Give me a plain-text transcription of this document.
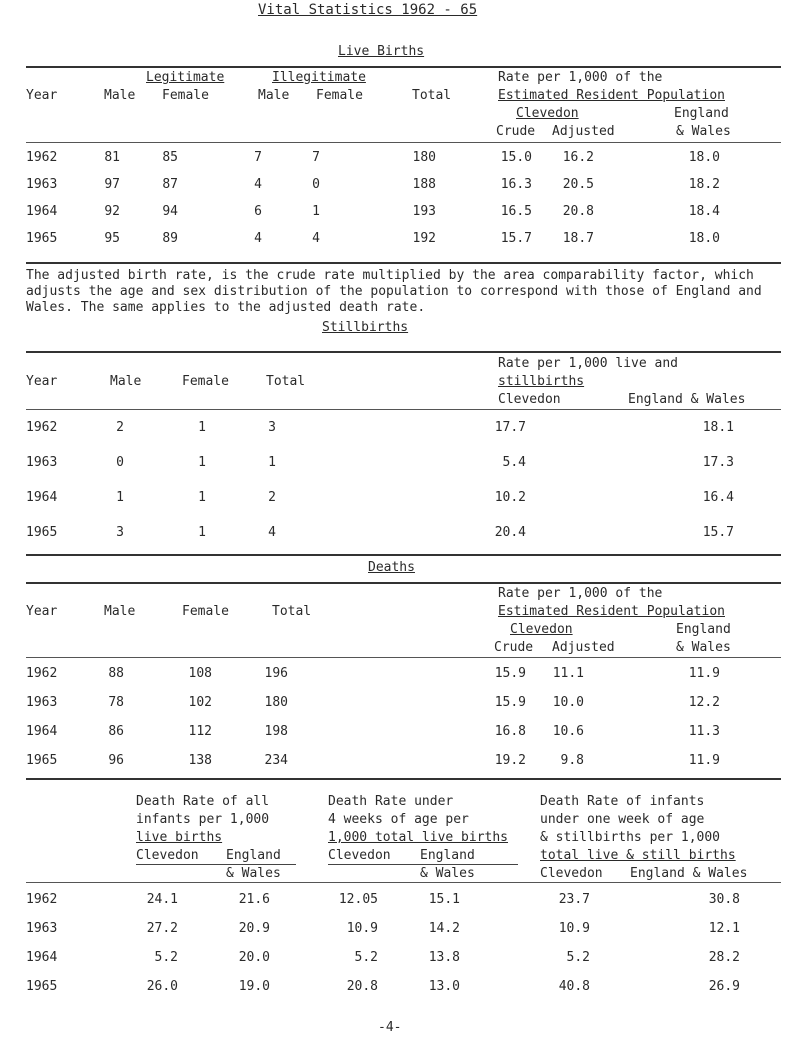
Vital Statistics 1962 - 65
Live Births
Legitimate	Illegitimate	Rate per 1,000 of the
Year	Male Female	Male Female	Total	Estimated Resident Population
Clevedon	England
Crude Adjusted	& Wales
1962	81	85	7	7	180	15.0	16.2	18.0
1963	97	87	4	0	188	16.3	20.5	18.2
1964	92	94	6	1	193	16.5	20.8	18.4
1965	95	89	4	4	192	15.7	18.7	18.0
The adjusted birth rate, is the crude rate multiplied by the area comparability factor, which adjusts the age and sex distribution of the population to correspond with those of England and Wales. The same applies to the adjusted death rate.
Stillbirths
Rate per 1,000 live and
Year	Male	Female	Total	stillbirths
Clevedon	England & Wales
1962	2	1	3	17.7	18.1
1963	0	1	1	5.4	17.3
1964	1	1	2	10.2	16.4
1965	3	1	4	20.4	15.7
Deaths
Rate per 1,000 of the
Year	Male	Female	Total	Estimated Resident Population
Clevedon	England
Crude Adjusted	& Wales
1962	88	108	196	15.9	11.1	11.9
1963	78	102	180	15.9	10.0	12.2
1964	86	112	198	16.8	10.6	11.3
1965	96	138	234	19.2	9.8	11.9
Death Rate of all
infants per 1,000
live births
Death Rate under
4 weeks of age per
1,000 total live births
Death Rate of infants
under one week of age
& stillbirths per 1,000
total live & still births
Clevedon England	Clevedon England
Clevedon England & Wales
& Wales	& Wales
1962	24.1	21.6	12.05	15.1	23.7	30.8
1963	27.2	20.9	10.9	14.2	10.9	12.1
1964	5.2	20.0	5.2	13.8	5.2	28.2
1965	26.0	19.0	20.8	13.0	40.8	26.9
-4-
